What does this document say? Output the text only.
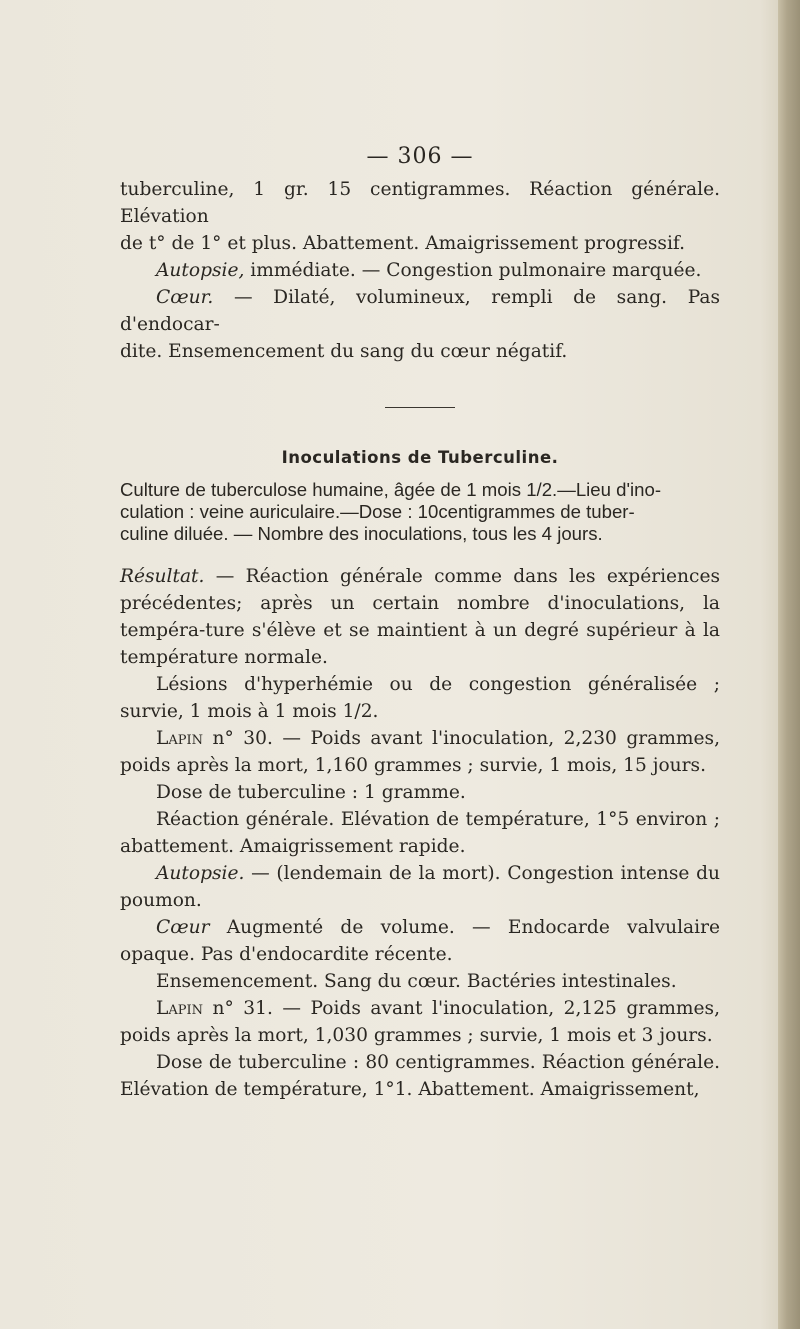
— 306 —

tuberculine, 1 gr. 15 centigrammes. Réaction générale. Elévation

de t° de 1° et plus. Abattement. Amaigrissement progressif.

Autopsie, immédiate. — Congestion pulmonaire marquée.

Cœur. — Dilaté, volumineux, rempli de sang. Pas d'endocar-

dite. Ensemencement du sang du cœur négatif.

Inoculations de Tuberculine.
Culture de tuberculose humaine, âgée de 1 mois 1/2.—Lieu d'ino-
culation : veine auriculaire.—Dose : 10centigrammes de tuber-
culine diluée. — Nombre des inoculations, tous les 4 jours.

Résultat. — Réaction générale comme dans les expériences précédentes; après un certain nombre d'inoculations, la tempéra-ture s'élève et se maintient à un degré supérieur à la température normale.

Lésions d'hyperhémie ou de congestion généralisée ; survie, 1 mois à 1 mois 1/2.

Lapin n° 30. — Poids avant l'inoculation, 2,230 grammes, poids après la mort, 1,160 grammes ; survie, 1 mois, 15 jours.

Dose de tuberculine : 1 gramme.

Réaction générale. Elévation de température, 1°5 environ ; abattement. Amaigrissement rapide.

Autopsie. — (lendemain de la mort). Congestion intense du poumon.

Cœur Augmenté de volume. — Endocarde valvulaire opaque. Pas d'endocardite récente.

Ensemencement. Sang du cœur. Bactéries intestinales.

Lapin n° 31. — Poids avant l'inoculation, 2,125 grammes, poids après la mort, 1,030 grammes ; survie, 1 mois et 3 jours.

Dose de tuberculine : 80 centigrammes. Réaction générale. Elévation de température, 1°1. Abattement. Amaigrissement,
